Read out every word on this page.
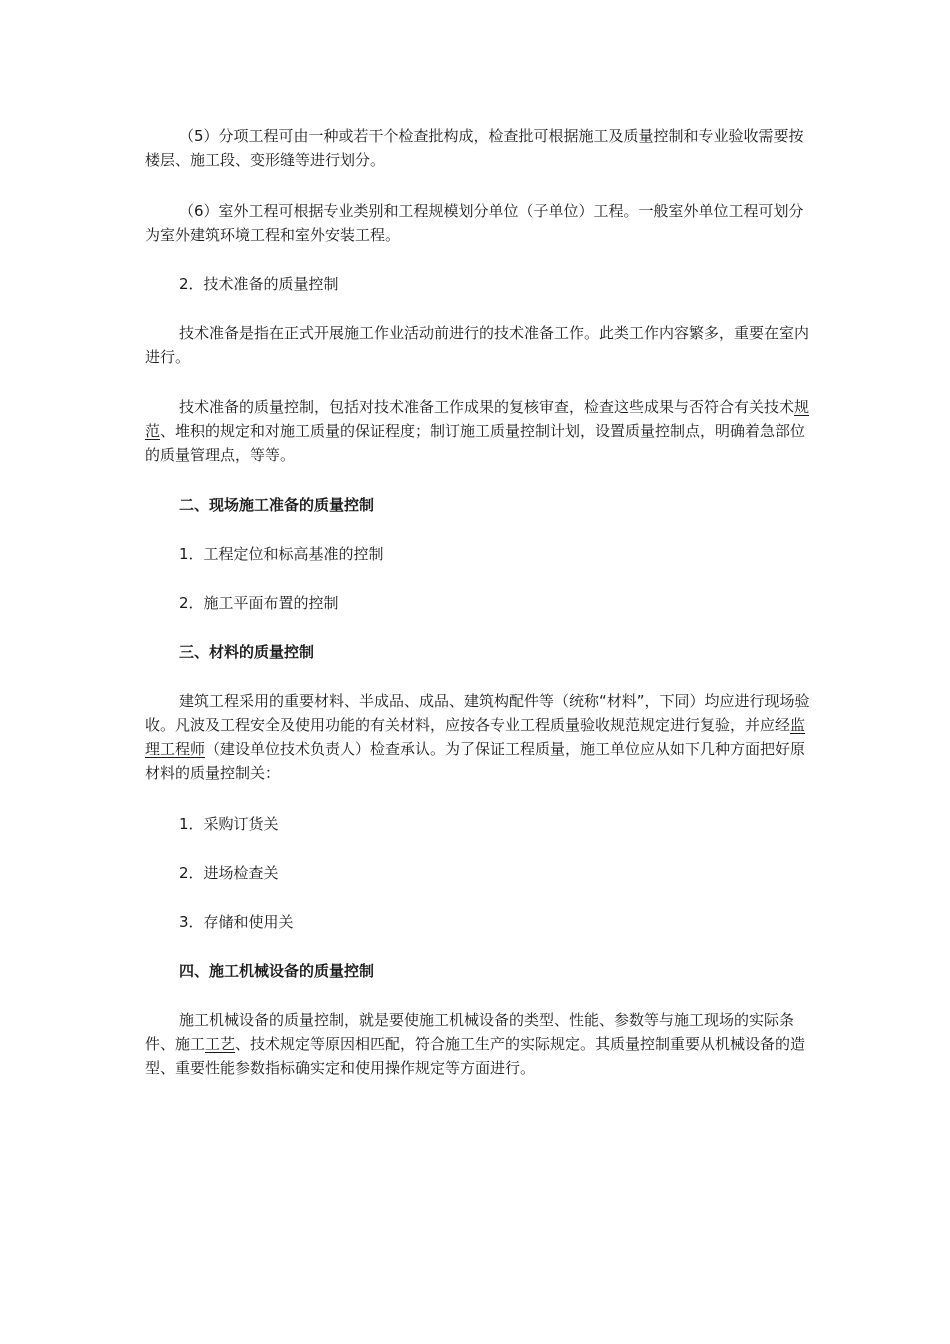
（5）分项工程可由一种或若干个检查批构成，检查批可根据施工及质量控制和专业验收需要按楼层、施工段、变形缝等进行划分。
（6）室外工程可根据专业类别和工程规模划分单位（子单位）工程。一般室外单位工程可划分为室外建筑环境工程和室外安装工程。
2．技术准备的质量控制
技术准备是指在正式开展施工作业活动前进行的技术准备工作。此类工作内容繁多，重要在室内进行。
技术准备的质量控制，包括对技术准备工作成果的复核审查，检查这些成果与否符合有关技术规范、堆积的规定和对施工质量的保证程度；制订施工质量控制计划，设置质量控制点，明确着急部位的质量管理点，等等。
二、现场施工准备的质量控制
1．工程定位和标高基准的控制
2．施工平面布置的控制
三、材料的质量控制
建筑工程采用的重要材料、半成品、成品、建筑构配件等（统称“材料”，下同）均应进行现场验收。凡波及工程安全及使用功能的有关材料，应按各专业工程质量验收规范规定进行复验，并应经监理工程师（建设单位技术负责人）检查承认。为了保证工程质量，施工单位应从如下几种方面把好原材料的质量控制关：
1．采购订货关
2．进场检查关
3．存储和使用关
四、施工机械设备的质量控制
施工机械设备的质量控制，就是要使施工机械设备的类型、性能、参数等与施工现场的实际条件、施工工艺、技术规定等原因相匹配，符合施工生产的实际规定。其质量控制重要从机械设备的造型、重要性能参数指标确实定和使用操作规定等方面进行。
